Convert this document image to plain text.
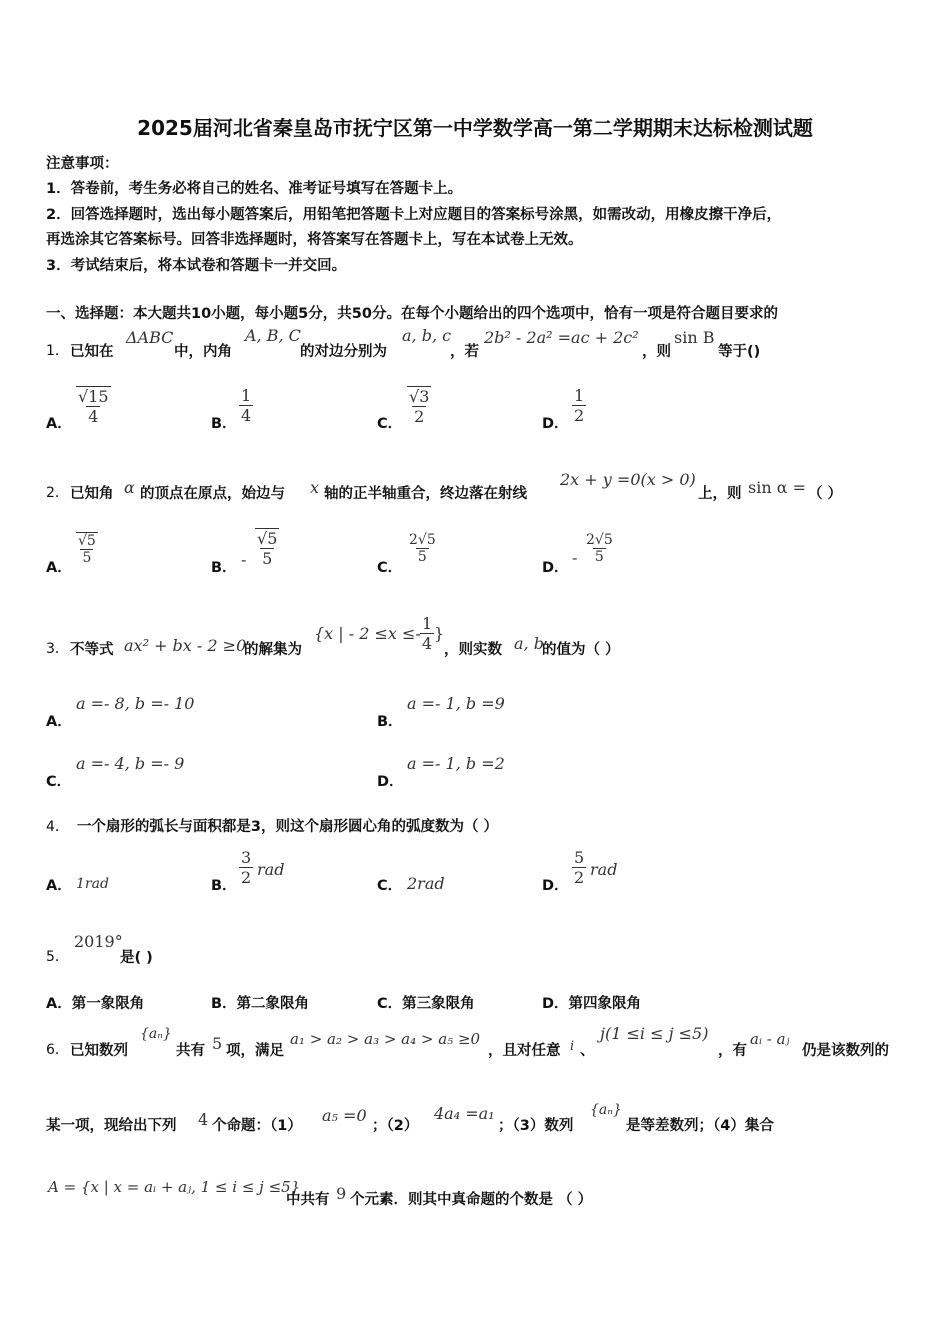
2025届河北省秦皇岛市抚宁区第一中学数学高一第二学期期末达标检测试题
注意事项：
1．答卷前，考生务必将自己的姓名、准考证号填写在答题卡上。
2．回答选择题时，选出每小题答案后，用铅笔把答题卡上对应题目的答案标号涂黑，如需改动，用橡皮擦干净后，
再选涂其它答案标号。回答非选择题时，将答案写在答题卡上，写在本试卷上无效。
3．考试结束后，将本试卷和答题卡一并交回。
一、选择题：本大题共10小题，每小题5分，共50分。在每个小题给出的四个选项中，恰有一项是符合题目要求的
1． 已知在
ΔABC
中，内角
A, B, C
的对边分别为
a, b, c
，若
2b² - 2a² =ac + 2c²
，则
sin B
等于()
A． $\frac{√15}{4}$	B． $\frac{1}{4}$	C． $\frac{√3}{2}$	D． $\frac{1}{2}$
2． 已知角 α 的顶点在原点，始边与 x 轴的正半轴重合，终边落在射线
2x + y =0(x > 0)
上，则 sin α = （ ）
A．
$\frac{√5}{5}$
B． - $\frac{√5}{5}$	C．
$\frac{2√5}{5}$
D．
- $\frac{2√5}{5}$
3． 不等式 ax² + bx - 2 ≥0
的解集为
{x | - $2 \le x \le- \frac{1}{4}$ }
，则实数 a, b
的值为（ ）
A．
a =- 8, b =- 10
B．
a =- 1, b =9
C．
a =- 4, b =- 9
D．
a =- 1, b =2
4． 一个扇形的弧长与面积都是3，则这个扇形圆心角的弧度数为（ ）
A． 1rad	B． $\frac{3}{2}$ rad
C． 2rad	D． $\frac{5}{2}$ rad
5．
2019°
是( )
A．第一象限角	B．第二象限角	C．第三象限角	D．第四象限角
6． 已知数列
{aₙ}
共有 5 项，满足
a₁ > a₂ > a₃ > a₄ > a₅ ≥0
，且对任意 i 、
j(1 ≤i ≤ j ≤5)
，有
aᵢ - aⱼ
仍是该数列的
某一项，现给出下列 4 个命题：（1）
a₅ =0
；（2）
4a₄ =a₁
；（3）数列
{aₙ}
是等差数列；（4）集合
A = {x | x = aᵢ + aⱼ, 1 ≤ i ≤ j ≤5}
中共有 9 个元素．则其中真命题的个数是 （ ）
